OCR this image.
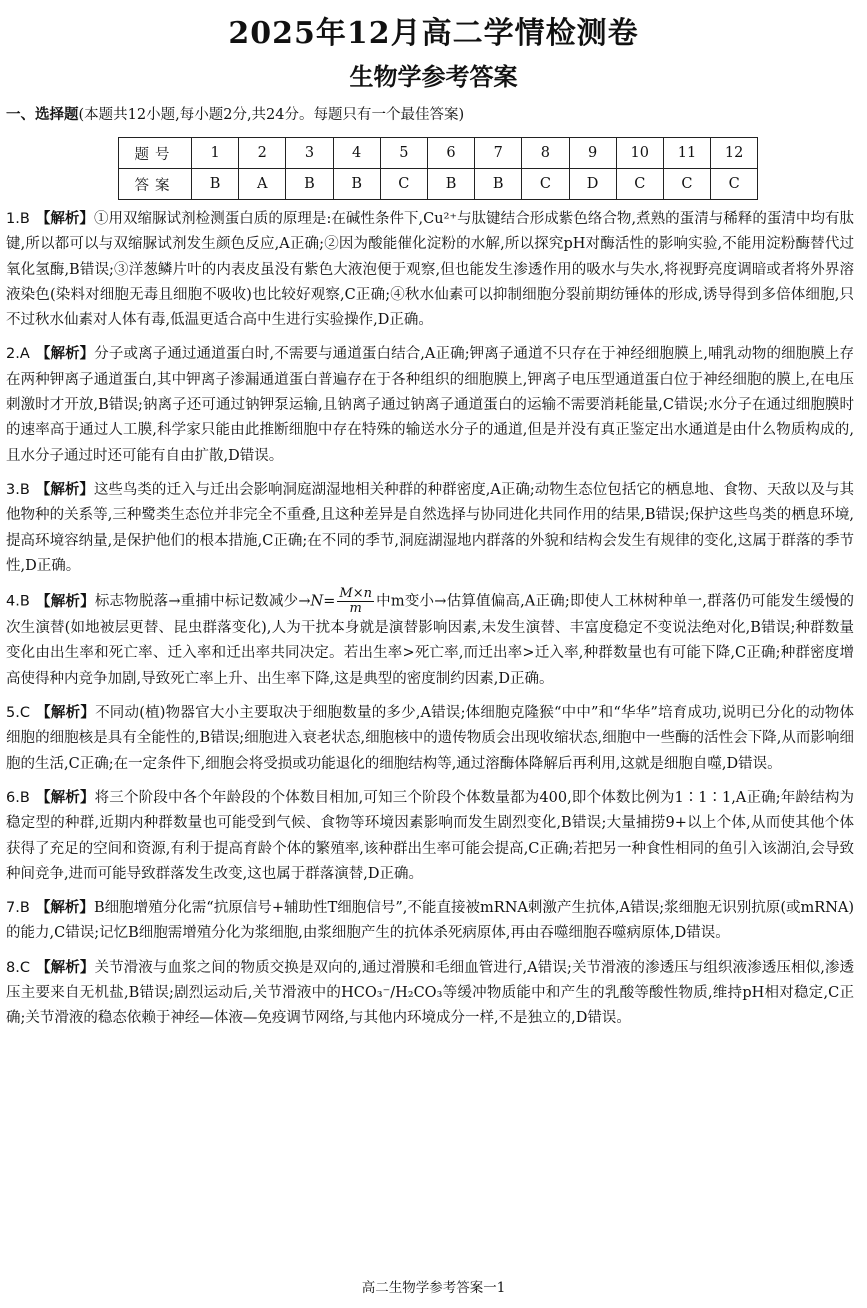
2025年12月高二学情检测卷
生物学参考答案
一、选择题(本题共12小题,每小题2分,共24分。每题只有一个最佳答案)
题号	1	2	3	4	5	6	7	8	9	10	11	12
答案	B	A	B	B	C	B	B	C	D	C	C	C

1.B 【解析】①用双缩脲试剂检测蛋白质的原理是:在碱性条件下,Cu²⁺与肽键结合形成紫色络合物,煮熟的蛋清与稀释的蛋清中均有肽键,所以都可以与双缩脲试剂发生颜色反应,A正确;②因为酸能催化淀粉的水解,所以探究pH对酶活性的影响实验,不能用淀粉酶替代过氧化氢酶,B错误;③洋葱鳞片叶的内表皮虽没有紫色大液泡便于观察,但也能发生渗透作用的吸水与失水,将视野亮度调暗或者将外界溶液染色(染料对细胞无毒且细胞不吸收)也比较好观察,C正确;④秋水仙素可以抑制细胞分裂前期纺锤体的形成,诱导得到多倍体细胞,只不过秋水仙素对人体有毒,低温更适合高中生进行实验操作,D正确。

2.A 【解析】分子或离子通过通道蛋白时,不需要与通道蛋白结合,A正确;钾离子通道不只存在于神经细胞膜上,哺乳动物的细胞膜上存在两种钾离子通道蛋白,其中钾离子渗漏通道蛋白普遍存在于各种组织的细胞膜上,钾离子电压型通道蛋白位于神经细胞的膜上,在电压刺激时才开放,B错误;钠离子还可通过钠钾泵运输,且钠离子通过钠离子通道蛋白的运输不需要消耗能量,C错误;水分子在通过细胞膜时的速率高于通过人工膜,科学家只能由此推断细胞中存在特殊的输送水分子的通道,但是并没有真正鉴定出水通道是由什么物质构成的,且水分子通过时还可能有自由扩散,D错误。

3.B 【解析】这些鸟类的迁入与迁出会影响洞庭湖湿地相关种群的种群密度,A正确;动物生态位包括它的栖息地、食物、天敌以及与其他物种的关系等,三种鹭类生态位并非完全不重叠,且这种差异是自然选择与协同进化共同作用的结果,B错误;保护这些鸟类的栖息环境,提高环境容纳量,是保护他们的根本措施,C正确;在不同的季节,洞庭湖湿地内群落的外貌和结构会发生有规律的变化,这属于群落的季节性,D正确。

4.B 【解析】标志物脱落→重捕中标记数减少$\to N= \frac{M\times n}{m}$ 中m变小→估算值偏高,A正确;即使人工林树种单一,群落仍可能发生缓慢的次生演替(如地被层更替、昆虫群落变化),人为干扰本身就是演替影响因素,未发生演替、丰富度稳定不变说法绝对化,B错误;种群数量变化由出生率和死亡率、迁入率和迁出率共同决定。若出生率>死亡率,而迁出率>迁入率,种群数量也有可能下降,C正确;种群密度增高使得种内竞争加剧,导致死亡率上升、出生率下降,这是典型的密度制约因素,D正确。

5.C 【解析】不同动(植)物器官大小主要取决于细胞数量的多少,A错误;体细胞克隆猴“中中”和“华华”培育成功,说明已分化的动物体细胞的细胞核是具有全能性的,B错误;细胞进入衰老状态,细胞核中的遗传物质会出现收缩状态,细胞中一些酶的活性会下降,从而影响细胞的生活,C正确;在一定条件下,细胞会将受损或功能退化的细胞结构等,通过溶酶体降解后再利用,这就是细胞自噬,D错误。

6.B 【解析】将三个阶段中各个年龄段的个体数目相加,可知三个阶段个体数量都为400,即个体数比例为1∶1∶1,A正确;年龄结构为稳定型的种群,近期内种群数量也可能受到气候、食物等环境因素影响而发生剧烈变化,B错误;大量捕捞9+以上个体,从而使其他个体获得了充足的空间和资源,有利于提高育龄个体的繁殖率,该种群出生率可能会提高,C正确;若把另一种食性相同的鱼引入该湖泊,会导致种间竞争,进而可能导致群落发生改变,这也属于群落演替,D正确。

7.B 【解析】B细胞增殖分化需“抗原信号+辅助性T细胞信号”,不能直接被mRNA刺激产生抗体,A错误;浆细胞无识别抗原(或mRNA)的能力,C错误;记忆B细胞需增殖分化为浆细胞,由浆细胞产生的抗体杀死病原体,再由吞噬细胞吞噬病原体,D错误。

8.C 【解析】关节滑液与血浆之间的物质交换是双向的,通过滑膜和毛细血管进行,A错误;关节滑液的渗透压与组织液渗透压相似,渗透压主要来自无机盐,B错误;剧烈运动后,关节滑液中的HCO₃⁻/H₂CO₃等缓冲物质能中和产生的乳酸等酸性物质,维持pH相对稳定,C正确;关节滑液的稳态依赖于神经—体液—免疫调节网络,与其他内环境成分一样,不是独立的,D错误。

高二生物学参考答案一1
